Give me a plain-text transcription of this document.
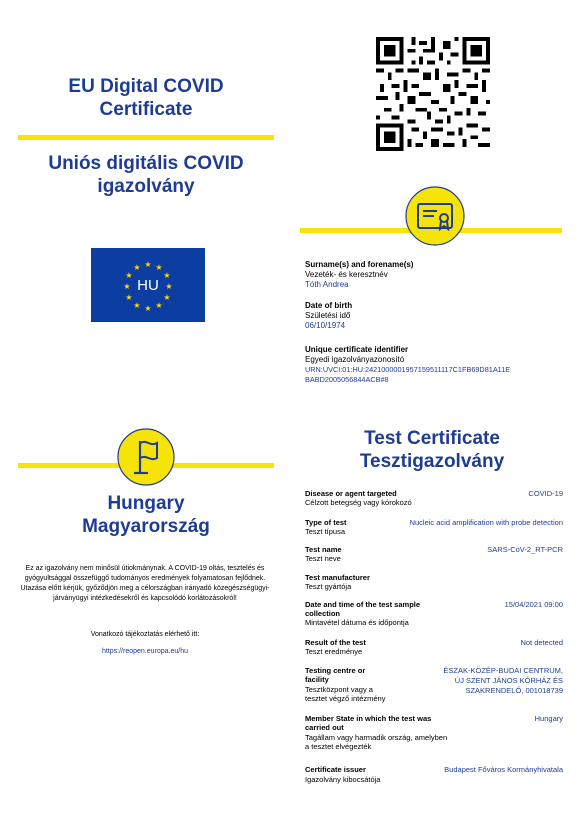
EU Digital COVID Certificate
Uniós digitális COVID igazolvány
★ ★
★
★
★
★
★
★
★
★
★
★
HU
Surname(s) and forename(s)
Vezeték- és keresztnév
Tóth Andrea
Date of birth
Születési idő
06/10/1974
Unique certificate identifier
Egyedi igazolványazonosító
URN:UVCI:01:HU:2421000001957159511117C1FB69D81A11E
BABD2005056844ACB#8
Hungary
Magyarország
Ez az igazolvány nem minősül útiokmánynak. A COVID-19 oltás, tesztelés és gyógyultsággal összefüggő tudományos eredmények folyamatosan fejlődnek. Utazása előtt kérjük, győződjön meg a célországban irányadó közegészségügyi-járványügyi intézkedésekről és kapcsolódó korlátozásokról!
Vonatkozó tájékoztatás elérhető itt:
https://reopen.europa.eu/hu
Test Certificate
Tesztigazolvány
Disease or agent targeted
Célzott betegség vagy kórokozó
COVID-19
Type of test
Teszt típusa
Nucleic acid amplification with probe detection
Test name
Teszt neve
SARS-CoV-2_RT-PCR
Test manufacturer
Teszt gyártója
Date and time of the test sample
collection
Mintavétel dátuma és időpontja
15/04/2021 09:00
Result of the test
Teszt eredménye
Not detected
Testing centre or
facility
Tesztközpont vagy a
tesztet végző intézmény
ÉSZAK-KÖZÉP-BUDAI CENTRUM,
ÚJ SZENT JÁNOS KÓRHÁZ ÉS
SZAKRENDELŐ, 001018739
Member State in which the test was
carried out
Tagállam vagy harmadik ország, amelyben
a tesztet elvégezték
Hungary
Certificate issuer
Igazolvány kibocsátója
Budapest Főváros Kormányhivatala
